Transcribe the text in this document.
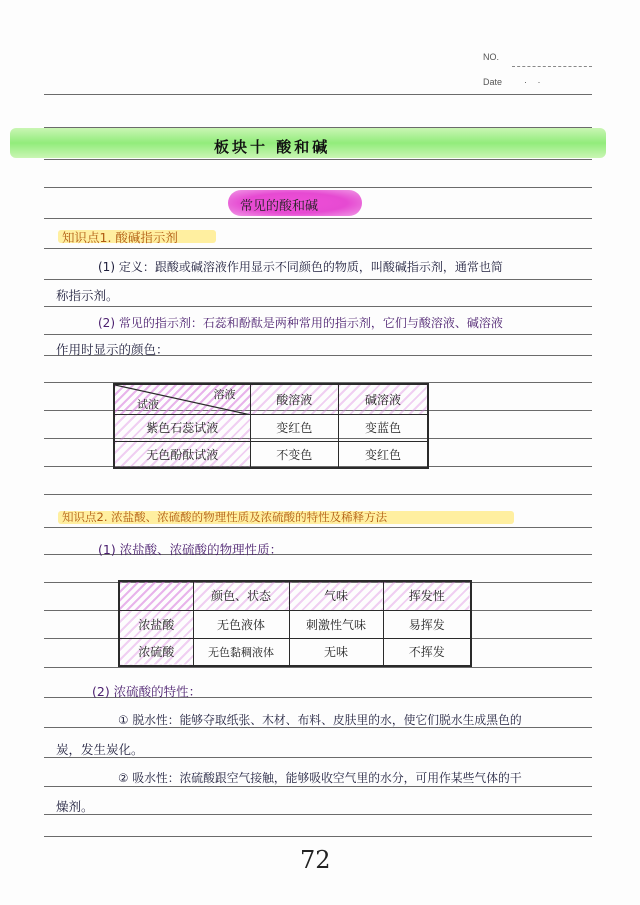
NO.
Date · ·
板块十 酸和碱
常见的酸和碱
知识点1. 酸碱指示剂
(1) 定义：跟酸或碱溶液作用显示不同颜色的物质，叫酸碱指示剂，通常也简
称指示剂。
(2) 常见的指示剂：石蕊和酚酞是两种常用的指示剂，它们与酸溶液、碱溶液
作用时显示的颜色：
溶液
试液	酸溶液	碱溶液
紫色石蕊试液	变红色	变蓝色
无色酚酞试液	不变色	变红色
知识点2. 浓盐酸、浓硫酸的物理性质及浓硫酸的特性及稀释方法
(1) 浓盐酸、浓硫酸的物理性质：
	颜色、状态	气味	挥发性
浓盐酸	无色液体	刺激性气味	易挥发
浓硫酸	无色黏稠液体	无味	不挥发
(2) 浓硫酸的特性：
① 脱水性：能够夺取纸张、木材、布料、皮肤里的水，使它们脱水生成黑色的
炭，发生炭化。
② 吸水性：浓硫酸跟空气接触，能够吸收空气里的水分，可用作某些气体的干
燥剂。
72
